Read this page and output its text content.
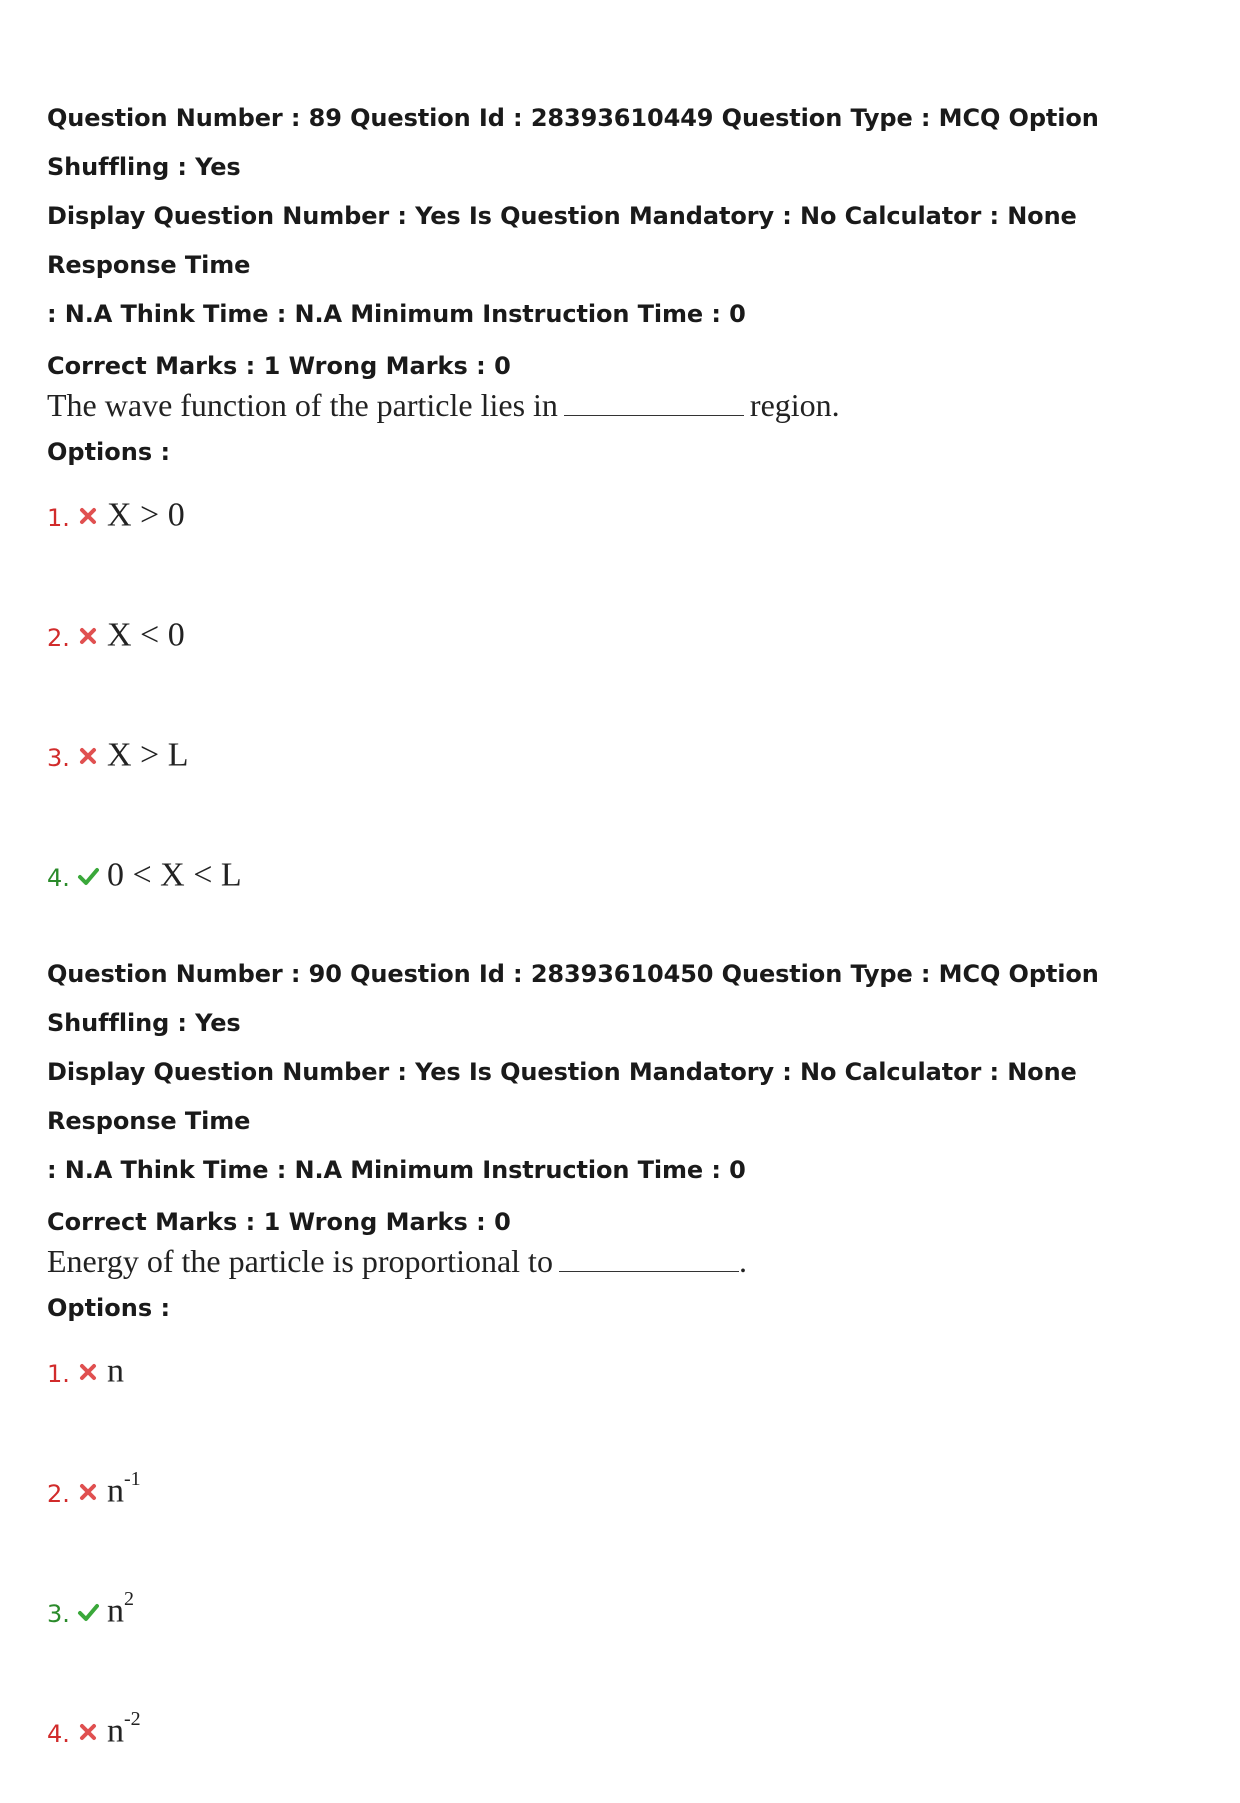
Question Number : 89 Question Id : 28393610449 Question Type : MCQ Option Shuffling : Yes

Display Question Number : Yes Is Question Mandatory : No Calculator : None Response Time

: N.A Think Time : N.A Minimum Instruction Time : 0

Correct Marks : 1 Wrong Marks : 0
The wave function of the particle lies in	region.
Options :
1. X > 0
2. X < 0
3. X > L
4. 0 < X < L

Question Number : 90 Question Id : 28393610450 Question Type : MCQ Option Shuffling : Yes

Display Question Number : Yes Is Question Mandatory : No Calculator : None Response Time

: N.A Think Time : N.A Minimum Instruction Time : 0

Correct Marks : 1 Wrong Marks : 0
Energy of the particle is proportional to	.
Options :
1. n
2. $n^{-1}$
3. $n^2$
4. $n^{-2}$
